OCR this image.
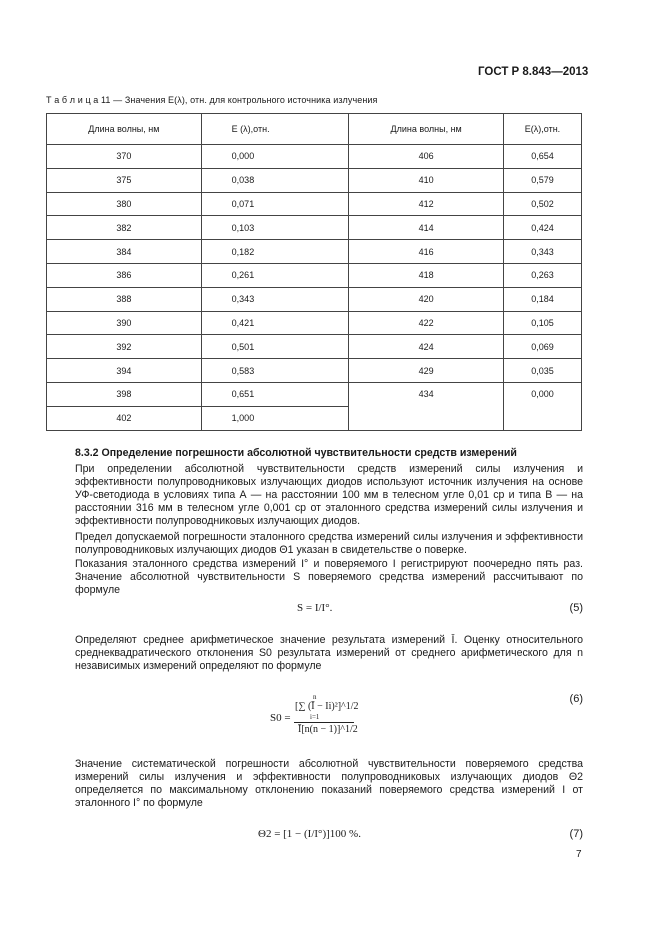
ГОСТ Р 8.843—2013
Т а б л и ц а 11 — Значения E(λ), отн. для контрольного источника излучения
Длина волны, нм	E (λ),отн.	Длина волны, нм	E(λ),отн.
370	0,000	406	0,654
375	0,038	410	0,579
380	0,071	412	0,502
382	0,103	414	0,424
384	0,182	416	0,343
386	0,261	418	0,263
388	0,343	420	0,184
390	0,421	422	0,105
392	0,501	424	0,069
394	0,583	429	0,035
398	0,651	434	0,000
402	1,000		
8.3.2 Определение погрешности абсолютной чувствительности средств измерений
При определении абсолютной чувствительности средств измерений силы излучения и эффективности полупроводниковых излучающих диодов используют источник излучения на основе УФ-светодиода в условиях типа А — на расстоянии 100 мм в телесном угле 0,01 ср и типа В — на расстоянии 316 мм в телесном угле 0,001 ср от эталонного средства измерений силы излучения и эффективности полупроводниковых излучающих диодов.
Предел допускаемой погрешности эталонного средства измерений силы излучения и эффективности полупроводниковых излучающих диодов Θ1 указан в свидетельстве о поверке.
Показания эталонного средства измерений I° и поверяемого I регистрируют поочередно пять раз. Значение абсолютной чувствительности S поверяемого средства измерений рассчитывают по формуле
S = I/I°.	(5)
Определяют среднее арифметическое значение результата измерений Ī. Оценку относительного среднеквадратического отклонения S0 результата измерений от среднего арифметического для n независимых измерений определяют по формуле
S0 =
n
[∑ (Ī − Ii)²]^1/2
i=1
Ī[n(n − 1)]^1/2
(6)
Значение систематической погрешности абсолютной чувствительности поверяемого средства измерений силы излучения и эффективности полупроводниковых излучающих диодов Θ2 определяется по максимальному отклонению показаний поверяемого средства измерений I от эталонного I° по формуле
Θ2 = [1 − (I/I°)]100 %.	(7)
7
